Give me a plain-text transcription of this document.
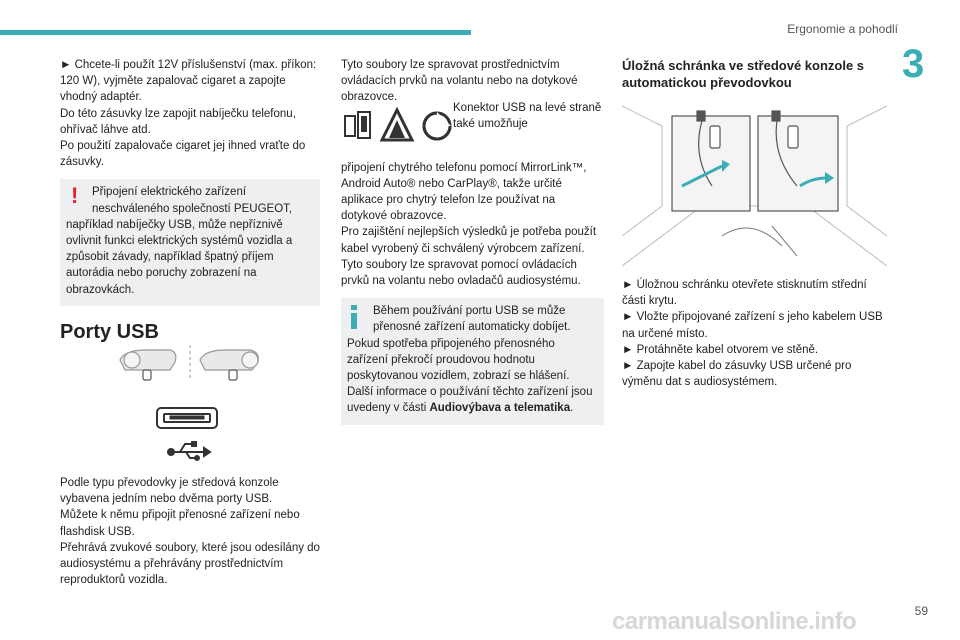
Ergonomie a pohodlí
3

► Chcete-li použít 12V příslušenství (max. příkon: 120 W), vyjměte zapalovač cigaret a zapojte vhodný adaptér.

Do této zásuvky lze zapojit nabíječku telefonu, ohřívač láhve atd.

Po použití zapalovače cigaret jej ihned vraťte do zásuvky.

!	Připojení elektrického zařízení neschváleného společností PEUGEOT,

například nabíječky USB, může nepříznivě ovlivnit funkci elektrických systémů vozidla a způsobit závady, například špatný příjem autorádia nebo poruchy zobrazení na obrazovkách.

Porty USB

Podle typu převodovky je středová konzole vybavena jedním nebo dvěma porty USB.

Můžete k němu připojit přenosné zařízení nebo flashdisk USB.

Přehrává zvukové soubory, které jsou odesílány do audiosystému a přehrávány prostřednictvím reproduktorů vozidla.

Tyto soubory lze spravovat prostřednictvím ovládacích prvků na volantu nebo na dotykové obrazovce.

Konektor USB na levé straně také umožňuje

připojení chytrého telefonu pomocí MirrorLink™, Android Auto® nebo CarPlay®, takže určité aplikace pro chytrý telefon lze používat na dotykové obrazovce.

Pro zajištění nejlepších výsledků je potřeba použít kabel vyrobený či schválený výrobcem zařízení.

Tyto soubory lze spravovat pomocí ovládacích prvků na volantu nebo ovladačů audiosystému.

Během používání portu USB se může přenosné zařízení automaticky dobíjet.

Pokud spotřeba připojeného přenosného zařízení překročí proudovou hodnotu poskytovanou vozidlem, zobrazí se hlášení.

Další informace o používání těchto zařízení jsou uvedeny v části Audiovýbava a telematika.

Úložná schránka ve středové konzole s automatickou převodovkou

► Úložnou schránku otevřete stisknutím střední části krytu.

► Vložte připojované zařízení s jeho kabelem USB na určené místo.

► Protáhněte kabel otvorem ve stěně.

► Zapojte kabel do zásuvky USB určené pro výměnu dat s audiosystémem.

carmanualsonline.info	59
